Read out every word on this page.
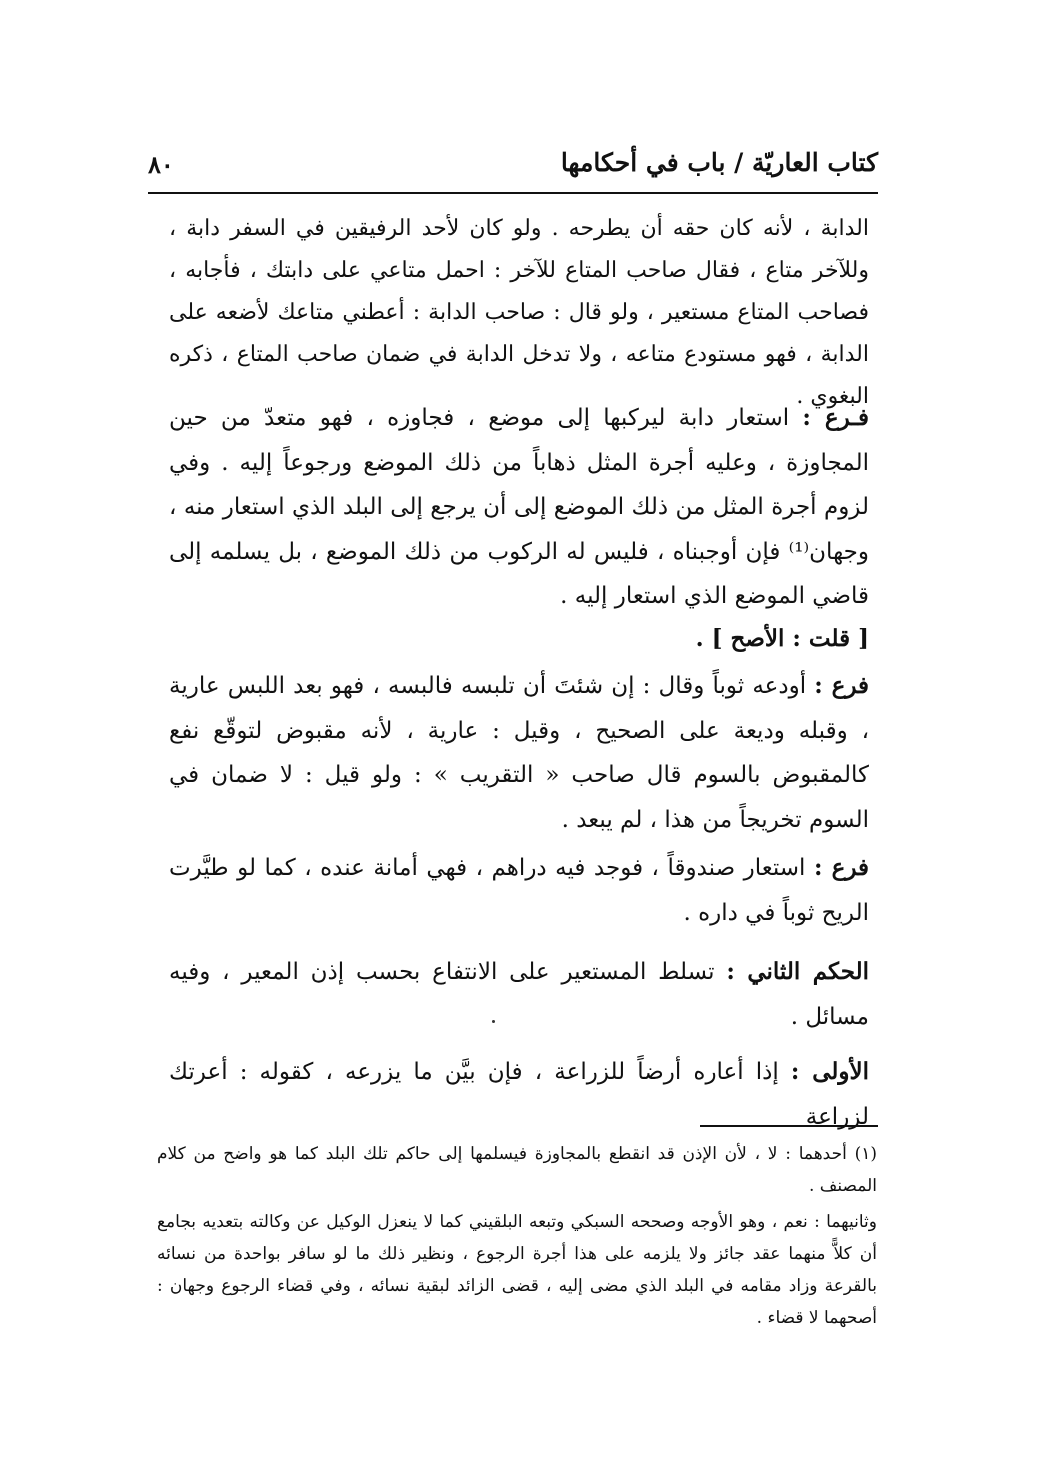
كتاب العاريّة / باب في أحكامها
٨٠
الدابة ، لأنه كان حقه أن يطرحه . ولو كان لأحد الرفيقين في السفر دابة ، وللآخر متاع ، فقال صاحب المتاع للآخر : احمل متاعي على دابتك ، فأجابه ، فصاحب المتاع مستعير ، ولو قال : صاحب الدابة : أعطني متاعك لأضعه على الدابة ، فهو مستودع متاعه ، ولا تدخل الدابة في ضمان صاحب المتاع ، ذكره البغوي .
فـرع : استعار دابة ليركبها إلى موضع ، فجاوزه ، فهو متعدّ من حين المجاوزة ، وعليه أجرة المثل ذهاباً من ذلك الموضع ورجوعاً إليه . وفي لزوم أجرة المثل من ذلك الموضع إلى أن يرجع إلى البلد الذي استعار منه ، وجهان⁽¹⁾ فإن أوجبناه ، فليس له الركوب من ذلك الموضع ، بل يسلمه إلى قاضي الموضع الذي استعار إليه .
[ قلت : الأصح ] .
فرع : أودعه ثوباً وقال : إن شئتَ أن تلبسه فالبسه ، فهو بعد اللبس عارية ، وقبله وديعة على الصحيح ، وقيل : عارية ، لأنه مقبوض لتوقّع نفع كالمقبوض بالسوم قال صاحب « التقريب » : ولو قيل : لا ضمان في السوم تخريجاً من هذا ، لم يبعد .
فرع : استعار صندوقاً ، فوجد فيه دراهم ، فهي أمانة عنده ، كما لو طيَّرت الريح ثوباً في داره .
الحكم الثاني : تسلط المستعير على الانتفاع بحسب إذن المعير ، وفيه مسائل .
الأولى : إذا أعاره أرضاً للزراعة ، فإن بيَّن ما يزرعه ، كقوله : أعرتك لزراعة
(١) أحدهما : لا ، لأن الإذن قد انقطع بالمجاوزة فيسلمها إلى حاكم تلك البلد كما هو واضح من كلام المصنف .
وثانيهما : نعم ، وهو الأوجه وصححه السبكي وتبعه البلقيني كما لا ينعزل الوكيل عن وكالته بتعديه بجامع أن كلاًّ منهما عقد جائز ولا يلزمه على هذا أجرة الرجوع ، ونظير ذلك ما لو سافر بواحدة من نسائه بالقرعة وزاد مقامه في البلد الذي مضى إليه ، قضى الزائد لبقية نسائه ، وفي قضاء الرجوع وجهان : أصحهما لا قضاء .
